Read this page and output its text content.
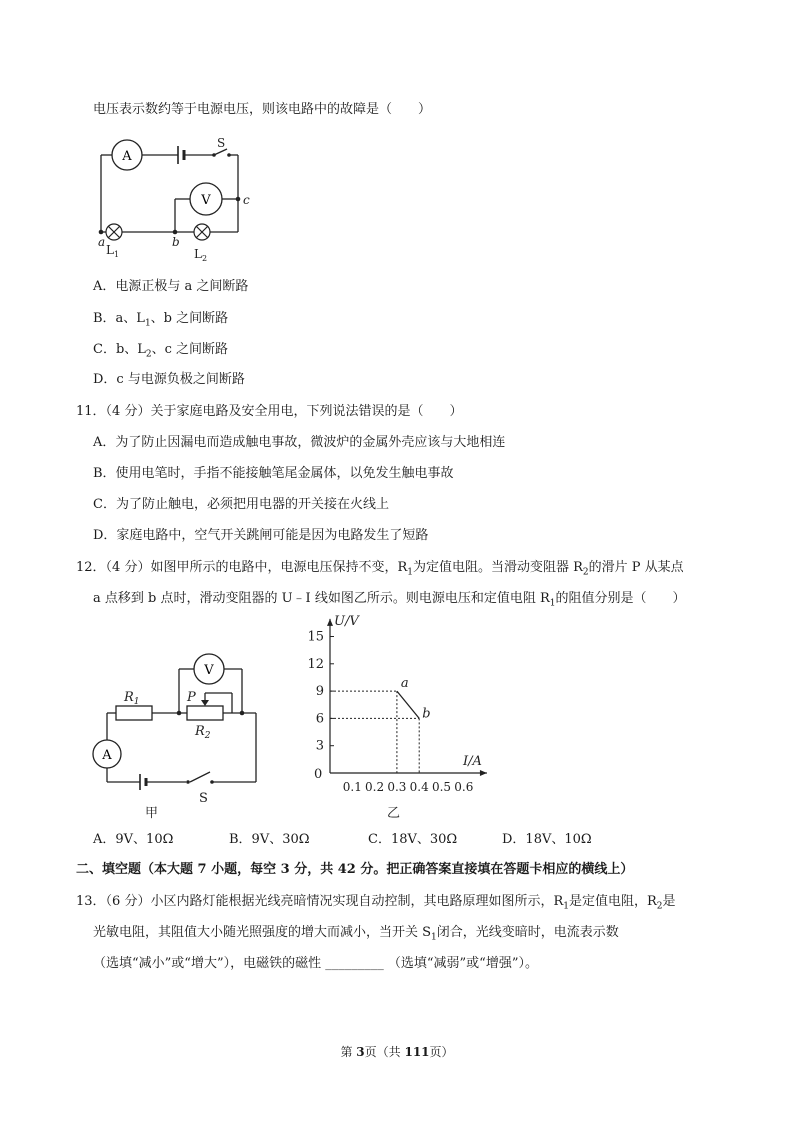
电压表示数约等于电源电压，则该电路中的故障是（　　）
A
V
S
a	b
c
$L_1$	$L_2$
A．电源正极与 a 之间断路
B．a、$L_1$、b 之间断路
C．b、$L_2$、c 之间断路
D．c 与电源负极之间断路
11．（4 分）关于家庭电路及安全用电，下列说法错误的是（　　）
A．为了防止因漏电而造成触电事故，微波炉的金属外壳应该与大地相连
B．使用电笔时，手指不能接触笔尾金属体，以免发生触电事故
C．为了防止触电，必须把用电器的开关接在火线上
D．家庭电路中，空气开关跳闸可能是因为电路发生了短路
12．（4 分）如图甲所示的电路中，电源电压保持不变，$R_1$为定值电阻。当滑动变阻器 $R_2$的滑片 P 从某点
a 点移到 b 点时，滑动变阻器的 U﹣I 线如图乙所示。则电源电压和定值电阻 $R_1$的阻值分别是（　　）
V
A
$R_1$	P
$R_2$
S
甲
I/A
U/V
0
0.1 0.2 0.3 0.4 0.5 0.6
3
6
9
12
15
a
b
乙
A．9V、10Ω	B．9V、30Ω	C．18V、30Ω	D．18V、10Ω
二、填空题（本大题 7 小题，每空 3 分，共 42 分。把正确答案直接填在答题卡相应的横线上）
13．（6 分）小区内路灯能根据光线亮暗情况实现自动控制，其电路原理如图所示，$R_1$是定值电阻，$R_2$是
光敏电阻，其阻值大小随光照强度的增大而减小，当开关 $S_1$闭合，光线变暗时，电流表示数
（选填“减小”或“增大”），电磁铁的磁性 _________ （选填“减弱”或“增强”）。
第 3页（共 111页）
